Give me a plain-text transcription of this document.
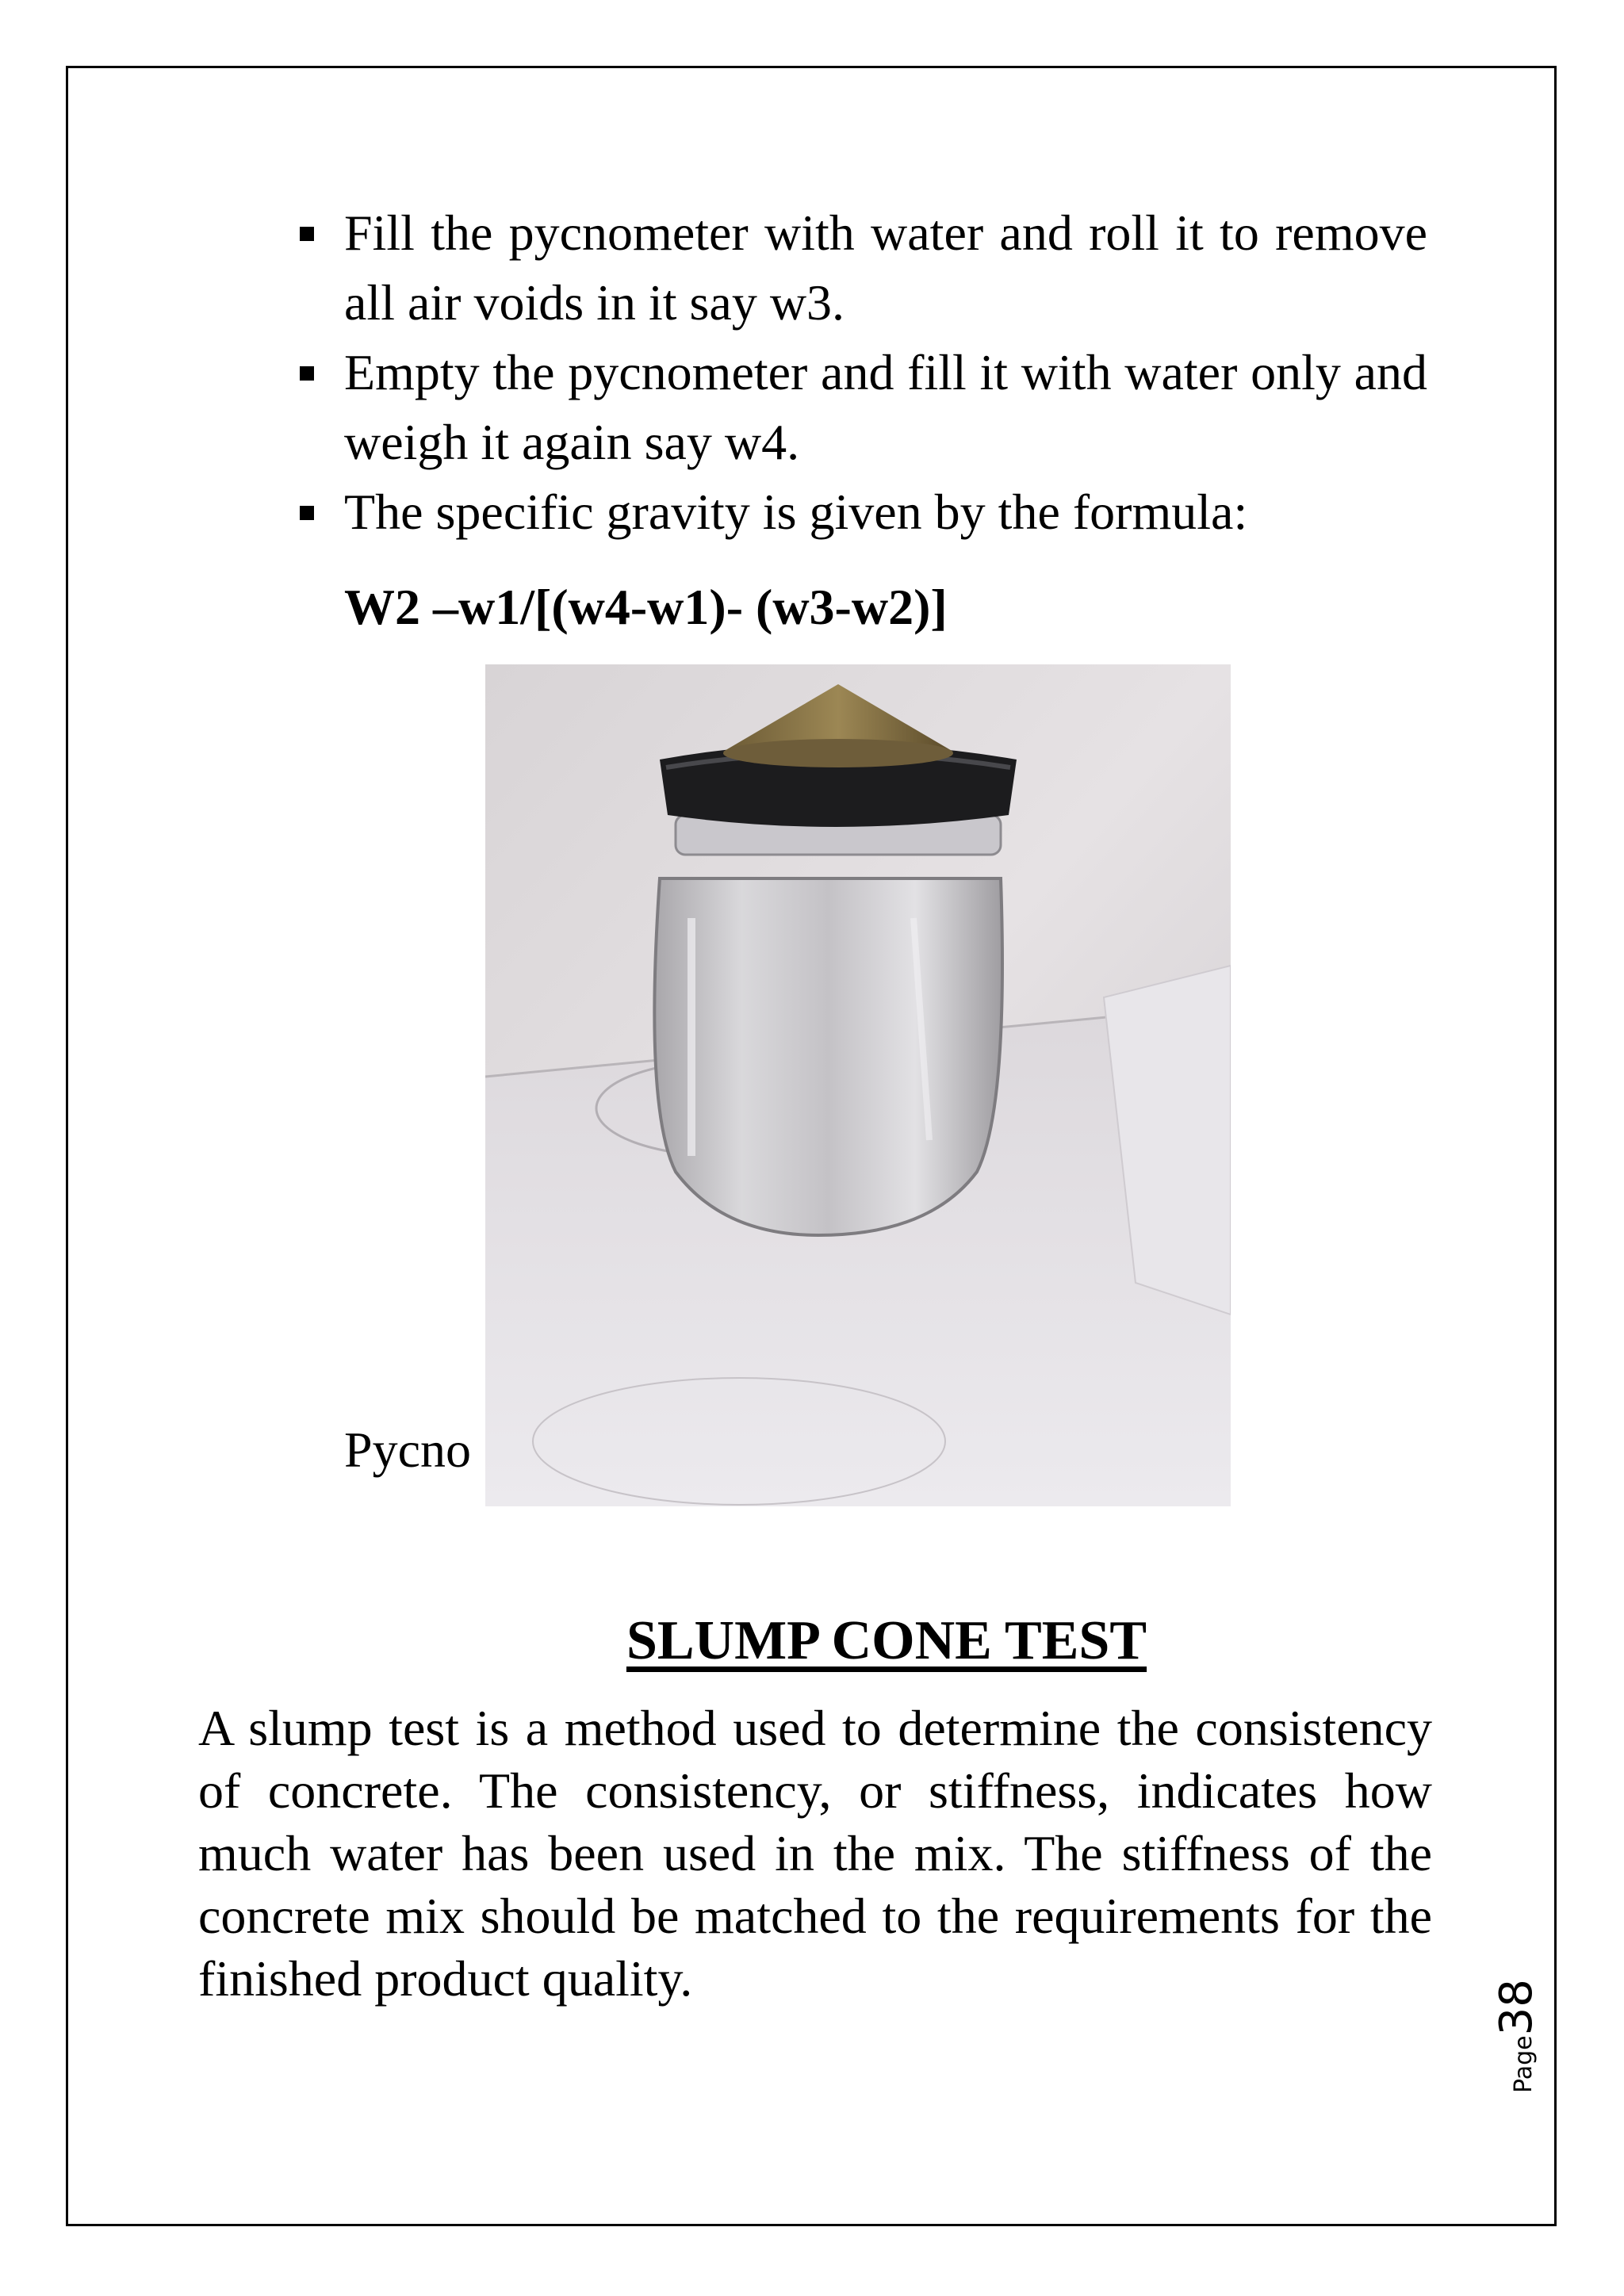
Fill the pycnometer with water and roll it to remove all air voids in it say w3.
Empty the pycnometer and fill it with water only and weigh it again say w4.
The specific gravity is given by the formula:
W2 –w1/[(w4-w1)- (w3-w2)]
Pycno
SLUMP CONE TEST

A slump test is a method used to determine the consistency of concrete. The consistency, or stiffness, indicates how much water has been used in the mix. The stiffness of the concrete mix should be matched to the requirements for the finished product quality.

Page38
